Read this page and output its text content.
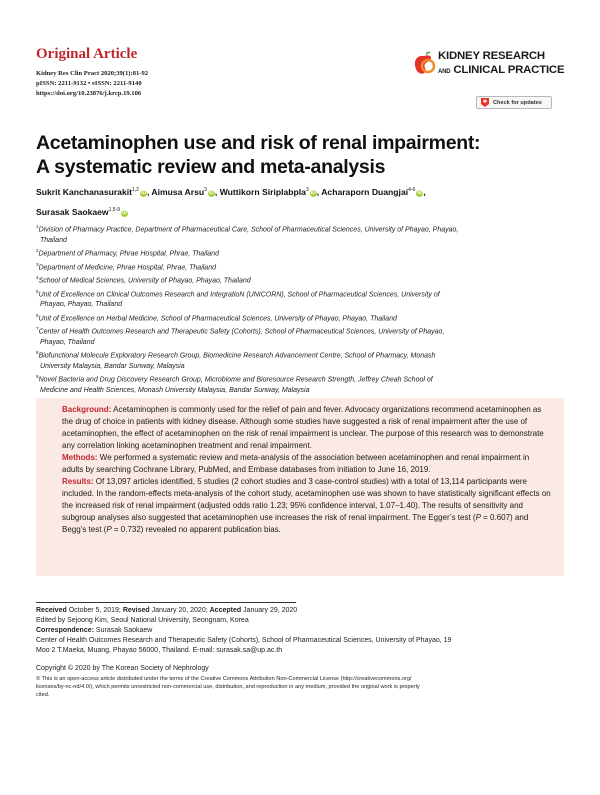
Original Article
Kidney Res Clin Pract 2020;39(1):81-92
pISSN: 2211-9132 • eISSN: 2211-9140
https://doi.org/10.23876/j.krcp.19.106
KIDNEY RESEARCH
AND CLINICAL PRACTICE
Check for updates
Acetaminophen use and risk of renal impairment:
A systematic review and meta-analysis
Sukrit Kanchanasurakit$^{1,2}$ iD, Aimusa Arsu$^3$ iD, Wuttikorn Siriplabpla$^3$ iD, Acharaporn Duangjai$^{4-6}$ iD,
Surasak Saokaew$^{1,5-9}$ iD
$^1$Division of Pharmacy Practice, Department of Pharmaceutical Care, School of Pharmaceutical Sciences, University of Phayao, Phayao,
Thailand
$^2$Department of Pharmacy, Phrae Hospital, Phrae, Thailand
$^3$Department of Medicine, Phrae Hospital, Phrae, Thailand
$^4$School of Medical Sciences, University of Phayao, Phayao, Thailand
$^5$Unit of Excellence on Clinical Outcomes Research and IntegratioN (UNICORN), School of Pharmaceutical Sciences, University of
Phayao, Phayao, Thailand
$^6$Unit of Excellence on Herbal Medicine, School of Pharmaceutical Sciences, University of Phayao, Phayao, Thailand
$^7$Center of Health Outcomes Research and Therapeutic Safety (Cohorts), School of Pharmaceutical Sciences, University of Phayao,
Phayao, Thailand
$^8$Biofunctional Molecule Exploratory Research Group, Biomedicine Research Advancement Centre, School of Pharmacy, Monash
University Malaysia, Bandar Sunway, Malaysia
$^9$Novel Bacteria and Drug Discovery Research Group, Microbiome and Bioresource Research Strength, Jeffrey Cheah School of
Medicine and Health Sciences, Monash University Malaysia, Bandar Sunway, Malaysia

Background: Acetaminophen is commonly used for the relief of pain and fever. Advocacy organizations recommend acetaminophen as the drug of choice in patients with kidney disease. Although some studies have suggested a risk of renal impairment after the use of acetaminophen, the effect of acetaminophen on the risk of renal impairment is unclear. The purpose of this research was to demonstrate any correlation linking acetaminophen treatment and renal impairment.

Methods: We performed a systematic review and meta-analysis of the association between acetaminophen and renal impairment in adults by searching Cochrane Library, PubMed, and Embase databases from initiation to June 16, 2019.

Results: Of 13,097 articles identified, 5 studies (2 cohort studies and 3 case-control studies) with a total of 13,114 participants were included. In the random-effects meta-analysis of the cohort study, acetaminophen use was shown to have statistically significant effects on the increased risk of renal impairment (adjusted odds ratio 1.23; 95% confidence interval, 1.07–1.40). The results of sensitivity and subgroup analyses also suggested that acetaminophen use increases the risk of renal impairment. The Egger’s test (P = 0.607) and Begg’s test (P = 0.732) revealed no apparent publication bias.

Received October 5, 2019; Revised January 20, 2020; Accepted January 29, 2020
Edited by Sejoong Kim, Seoul National University, Seongnam, Korea
Correspondence: Surasak Saokaew
Center of Health Outcomes Research and Therapeutic Safety (Cohorts), School of Pharmaceutical Sciences, University of Phayao, 19
Moo 2 T.Maeka, Muang, Phayao 56000, Thailand. E-mail: surasak.sa@up.ac.th
Copyright © 2020 by The Korean Society of Nephrology
© This is an open-access article distributed under the terms of the Creative Commons Attribution Non-Commercial License (http://creativecommons.org/
licenses/by-nc-nd/4.0/), which permits unrestricted non-commercial use, distribution, and reproduction in any medium, provided the original work is properly
cited.
